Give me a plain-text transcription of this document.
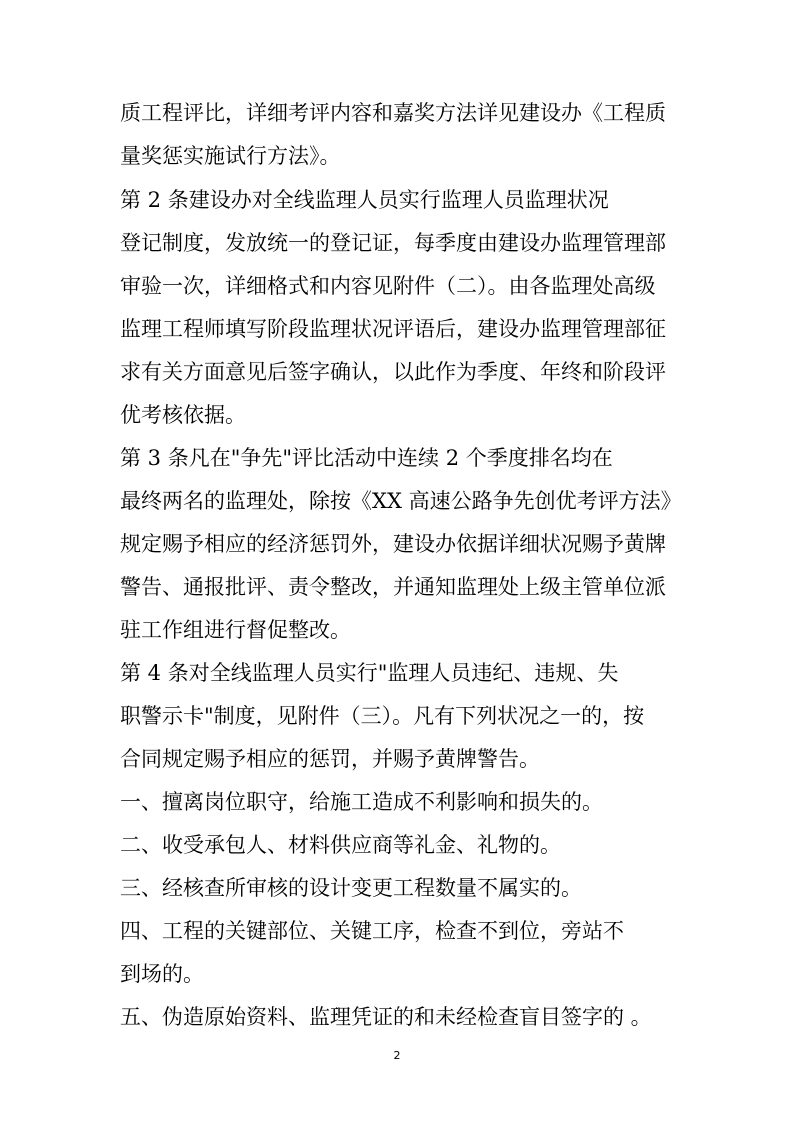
质工程评比，详细考评内容和嘉奖方法详见建设办《工程质
量奖惩实施试行方法》。
第 2 条建设办对全线监理人员实行监理人员监理状况
登记制度，发放统一的登记证，每季度由建设办监理管理部
审验一次，详细格式和内容见附件（二）。由各监理处高级
监理工程师填写阶段监理状况评语后，建设办监理管理部征
求有关方面意见后签字确认，以此作为季度、年终和阶段评
优考核依据。
第 3 条凡在"争先"评比活动中连续 2 个季度排名均在
最终两名的监理处，除按《XX 高速公路争先创优考评方法》
规定赐予相应的经济惩罚外，建设办依据详细状况赐予黄牌
警告、通报批评、责令整改，并通知监理处上级主管单位派
驻工作组进行督促整改。
第 4 条对全线监理人员实行"监理人员违纪、违规、失
职警示卡"制度，见附件（三）。凡有下列状况之一的，按
合同规定赐予相应的惩罚，并赐予黄牌警告。
一、擅离岗位职守，给施工造成不利影响和损失的。
二、收受承包人、材料供应商等礼金、礼物的。
三、经核查所审核的设计变更工程数量不属实的。
四、工程的关键部位、关键工序，检查不到位，旁站不
到场的。
五、伪造原始资料、监理凭证的和未经检查盲目签字的 。
2
